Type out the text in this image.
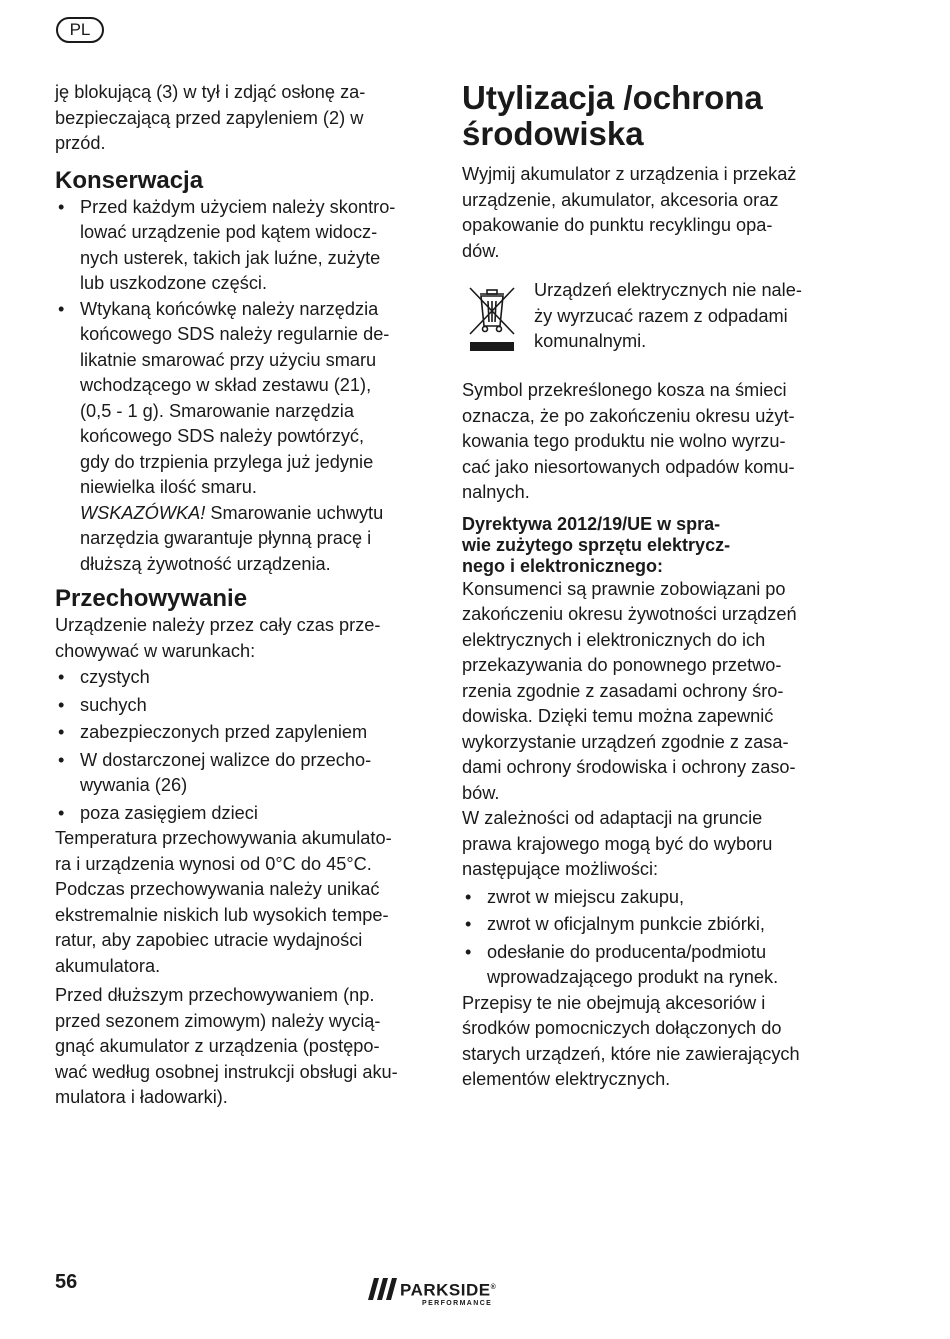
PL

ję blokującą (3) w tył i zdjąć osłonę za-
bezpieczającą przed zapyleniem (2) w
przód.

Konserwacja
• Przed każdym użyciem należy skontro-
lować urządzenie pod kątem widocz-
nych usterek, takich jak luźne, zużyte
lub uszkodzone części.
• Wtykaną końcówkę należy narzędzia
końcowego SDS należy regularnie de-
likatnie smarować przy użyciu smaru
wchodzącego w skład zestawu (21),
(0,5 - 1 g). Smarowanie narzędzia
końcowego SDS należy powtórzyć,
gdy do trzpienia przylega już jedynie
niewielka ilość smaru.
WSKAZÓWKA! Smarowanie uchwytu
narzędzia gwarantuje płynną pracę i
dłuższą żywotność urządzenia.
Przechowywanie

Urządzenie należy przez cały czas prze-
chowywać w warunkach:

• czystych
• suchych
• zabezpieczonych przed zapyleniem
• W dostarczonej walizce do przecho-
wywania (26)
• poza zasięgiem dzieci

Temperatura przechowywania akumulato-
ra i urządzenia wynosi od 0°C do 45°C.
Podczas przechowywania należy unikać
ekstremalnie niskich lub wysokich tempe-
ratur, aby zapobiec utracie wydajności
akumulatora.

Przed dłuższym przechowywaniem (np.
przed sezonem zimowym) należy wycią-
gnąć akumulator z urządzenia (postępo-
wać według osobnej instrukcji obsługi aku-
mulatora i ładowarki).

Utylizacja /ochrona
środowiska

Wyjmij akumulator z urządzenia i przekaż
urządzenie, akumulator, akcesoria oraz
opakowanie do punktu recyklingu opa-
dów.

Urządzeń elektrycznych nie nale-
ży wyrzucać razem z odpadami
komunalnymi.

Symbol przekreślonego kosza na śmieci
oznacza, że po zakończeniu okresu użyt-
kowania tego produktu nie wolno wyrzu-
cać jako niesortowanych odpadów komu-
nalnych.

Dyrektywa 2012/19/UE w spra-
wie zużytego sprzętu elektrycz-
nego i elektronicznego:

Konsumenci są prawnie zobowiązani po
zakończeniu okresu żywotności urządzeń
elektrycznych i elektronicznych do ich
przekazywania do ponownego przetwo-
rzenia zgodnie z zasadami ochrony śro-
dowiska. Dzięki temu można zapewnić
wykorzystanie urządzeń zgodnie z zasa-
dami ochrony środowiska i ochrony zaso-
bów.

W zależności od adaptacji na gruncie
prawa krajowego mogą być do wyboru
następujące możliwości:

• zwrot w miejscu zakupu,
• zwrot w oficjalnym punkcie zbiórki,
• odesłanie do producenta/podmiotu
wprowadzającego produkt na rynek.

Przepisy te nie obejmują akcesoriów i
środków pomocniczych dołączonych do
starych urządzeń, które nie zawierających
elementów elektrycznych.

56	PARKSIDE®
PERFORMANCE
